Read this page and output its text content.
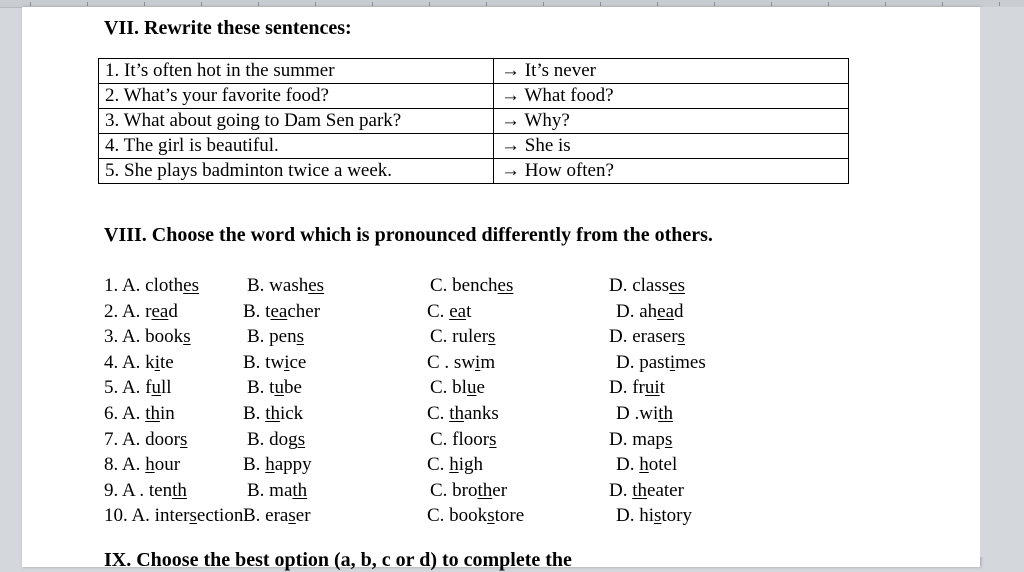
VII. Rewrite these sentences:
1. It’s often hot in the summer	→ It’s never
2. What’s your favorite food?	→ What food?
3. What about going to Dam Sen park?	→ Why?
4. The girl is beautiful.	→ She is
5. She plays badminton twice a week.	→ How often?
VIII. Choose the word which is pronounced differently from the others.
1. A. clothes	B. washes	C. benches	D. classes
2. A. read	B. teacher	C. eat	D. ahead
3. A. books	B. pens	C. rulers	D. erasers
4. A. kite	B. twice	C . swim	D. pastimes
5. A. full	B. tube	C. blue	D. fruit
6. A. thin	B. thick	C. thanks	D .with
7. A. doors	B. dogs	C. floors	D. maps
8. A. hour	B. happy	C. high	D. hotel
9. A . tenth	B. math	C. brother	D. theater
10. A. intersection B. eraser	C. bookstore	D. history
